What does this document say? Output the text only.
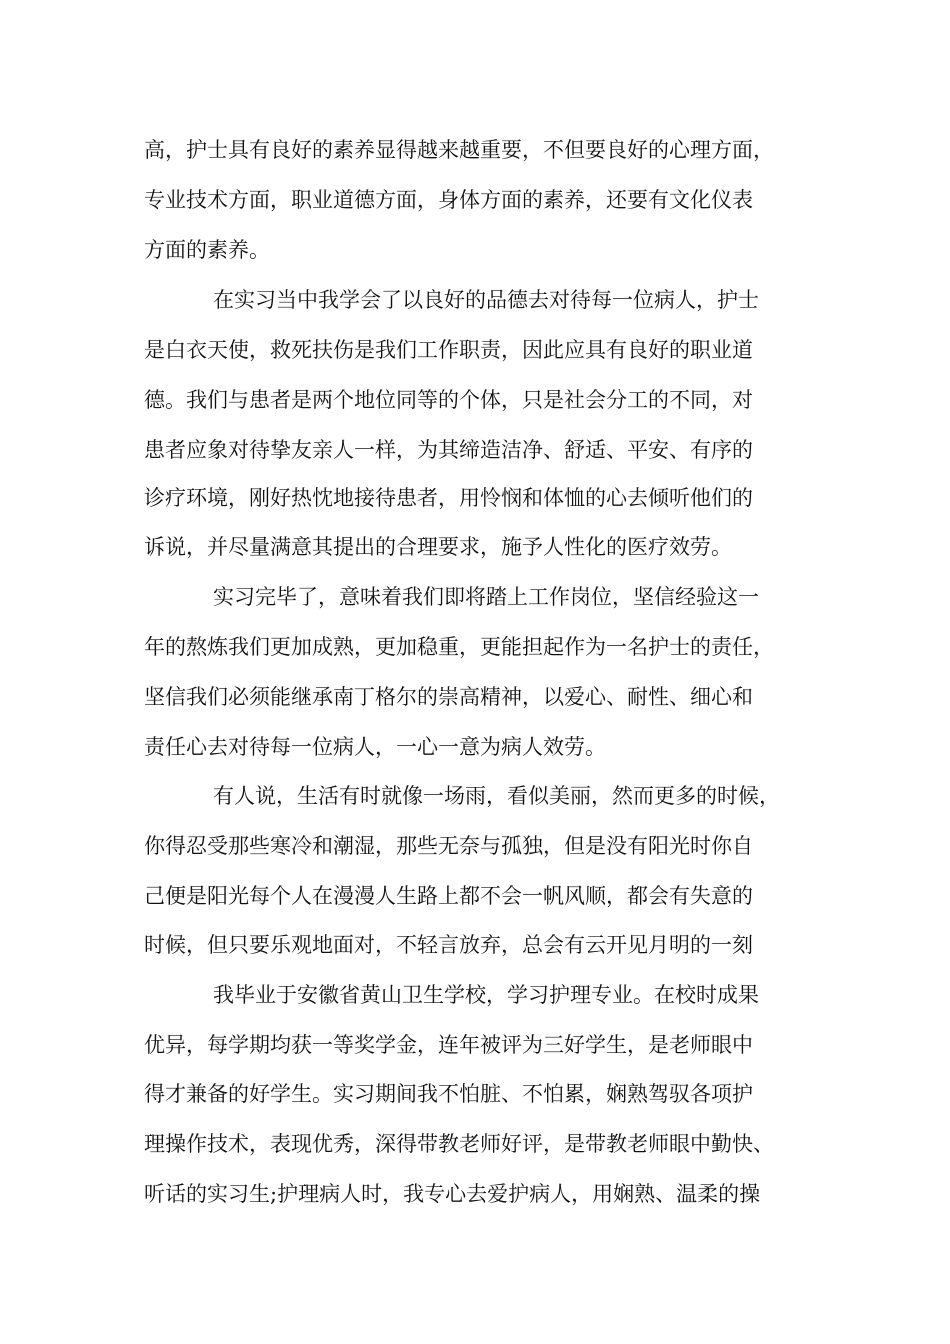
高，护士具有良好的素养显得越来越重要，不但要良好的心理方面，
专业技术方面，职业道德方面，身体方面的素养，还要有文化仪表
方面的素养。
在实习当中我学会了以良好的品德去对待每一位病人，护士
是白衣天使，救死扶伤是我们工作职责，因此应具有良好的职业道
德。我们与患者是两个地位同等的个体，只是社会分工的不同，对
患者应象对待挚友亲人一样，为其缔造洁净、舒适、平安、有序的
诊疗环境，刚好热忱地接待患者，用怜悯和体恤的心去倾听他们的
诉说，并尽量满意其提出的合理要求，施予人性化的医疗效劳。
实习完毕了，意味着我们即将踏上工作岗位，坚信经验这一
年的熬炼我们更加成熟，更加稳重，更能担起作为一名护士的责任，
坚信我们必须能继承南丁格尔的崇高精神，以爱心、耐性、细心和
责任心去对待每一位病人，一心一意为病人效劳。
有人说，生活有时就像一场雨，看似美丽，然而更多的时候，
你得忍受那些寒冷和潮湿，那些无奈与孤独，但是没有阳光时你自
己便是阳光每个人在漫漫人生路上都不会一帆风顺，都会有失意的
时候，但只要乐观地面对，不轻言放弃，总会有云开见月明的一刻
我毕业于安徽省黄山卫生学校，学习护理专业。在校时成果
优异，每学期均获一等奖学金，连年被评为三好学生，是老师眼中
得才兼备的好学生。实习期间我不怕脏、不怕累，娴熟驾驭各项护
理操作技术，表现优秀，深得带教老师好评，是带教老师眼中勤快、
听话的实习生;护理病人时，我专心去爱护病人，用娴熟、温柔的操
